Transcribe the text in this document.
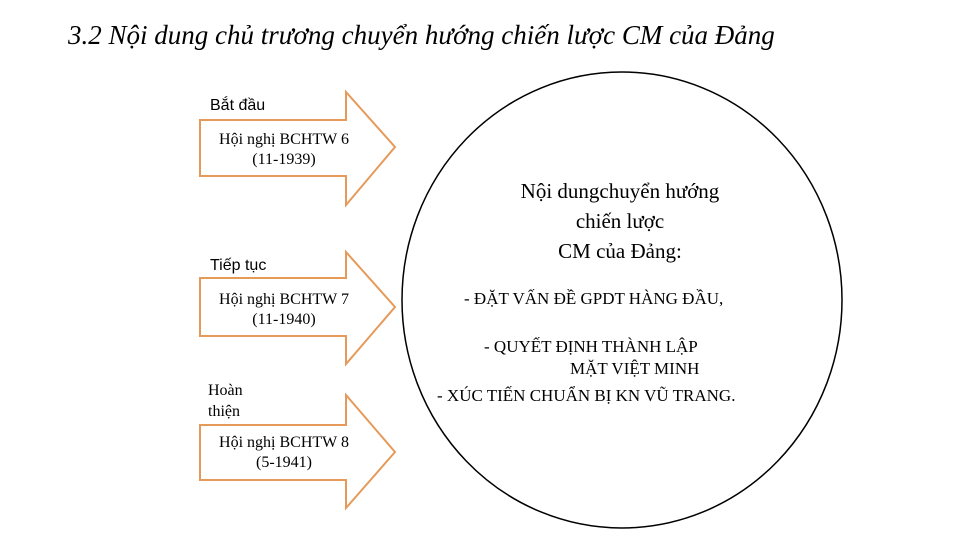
3.2 Nội dung chủ trương chuyển hướng chiến lược CM của Đảng
Bắt đầu
Hội nghị BCHTW 6
(11-1939)
Tiếp tục
Hội nghị BCHTW 7
(11-1940)
Hoàn
thiện
Hội nghị BCHTW 8
(5-1941)
Nội dungchuyển hướng
chiến lược
CM của Đảng:
- ĐẶT VẤN ĐỀ GPDT HÀNG ĐẦU,
- QUYẾT ĐỊNH THÀNH LẬP
MẶT VIỆT MINH
- XÚC TIẾN CHUẨN BỊ KN VŨ TRANG.
